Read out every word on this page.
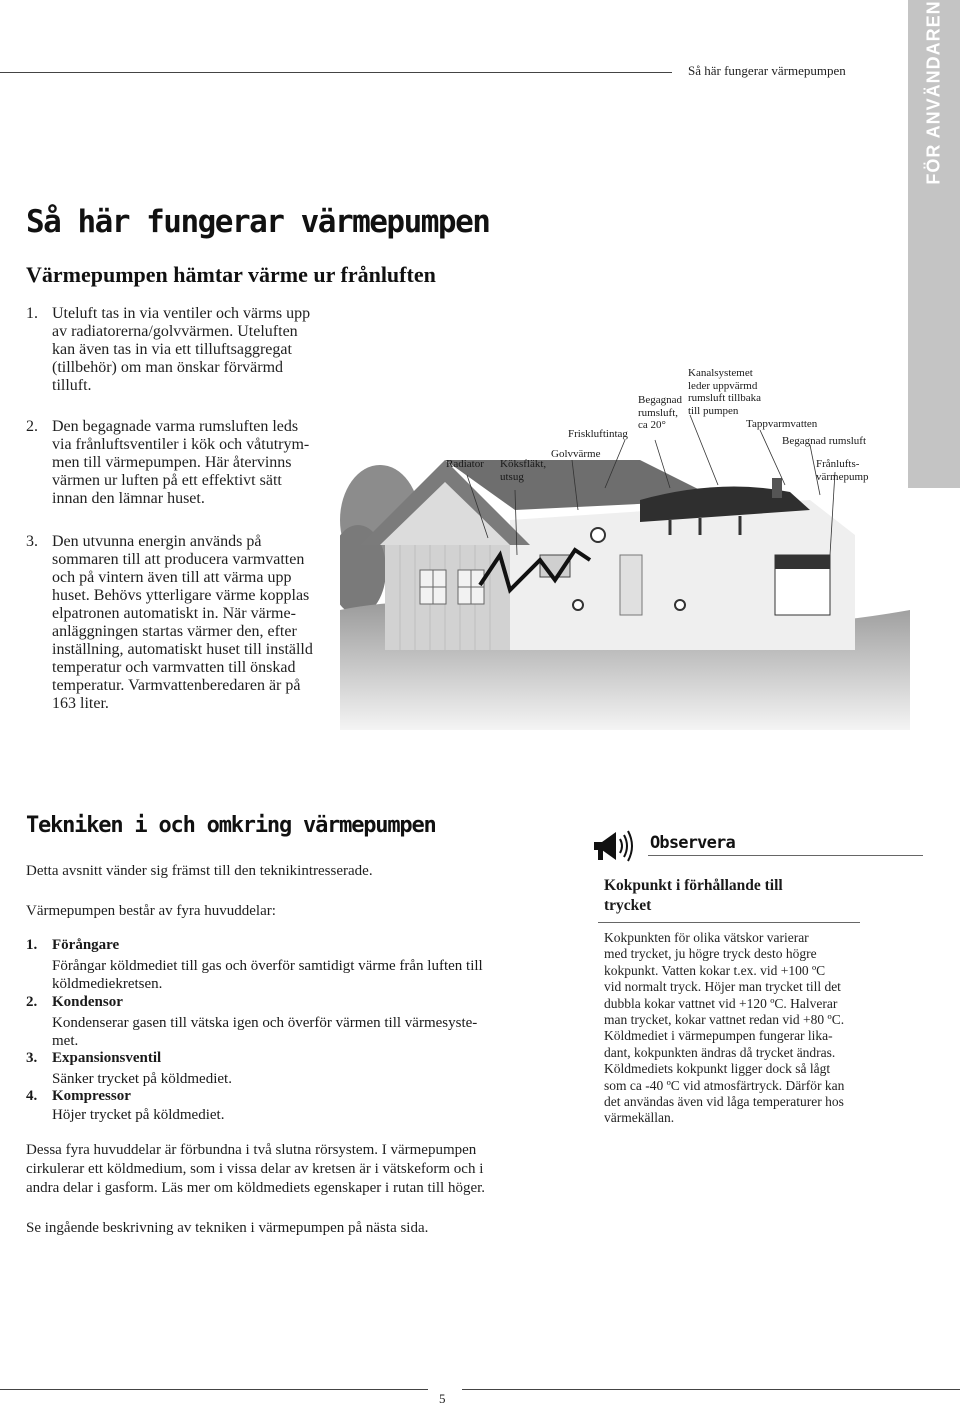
Så här fungerar värmepumpen	FÖR ANVÄNDAREN
Så här fungerar värmepumpen
Värmepumpen hämtar värme ur frånluften
1. Uteluft tas in via ventiler och värms upp
av radiatorerna/golvvärmen. Uteluften
kan även tas in via ett tilluftsaggregat
(tillbehör) om man önskar förvärmd
tilluft.
2. Den begagnade varma rumsluften leds
via frånluftsventiler i kök och våtutrym-
men till värmepumpen. Här återvinns
värmen ur luften på ett effektivt sätt
innan den lämnar huset.
3. Den utvunna energin används på
sommaren till att producera varmvatten
och på vintern även till att värma upp
huset. Behövs ytterligare värme kopplas
elpatronen automatiskt in. När värme-
anläggningen startas värmer den, efter
inställning, automatiskt huset till inställd
temperatur och varmvatten till önskad
temperatur. Varmvattenberedaren är på
163 liter.
Radiator Köksfläkt,
utsug
Golvvärme
Friskluftintag
Begagnad
rumsluft,
ca 20°
Kanalsystemet
leder uppvärmd
rumsluft tillbaka
till pumpen
Tappvarmvatten
Begagnad rumsluft
Frånlufts-
värmepump
Tekniken i och omkring värmepumpen
Detta avsnitt vänder sig främst till den teknikintresserade.
Värmepumpen består av fyra huvuddelar:
1. Förångare
Förångar köldmediet till gas och överför samtidigt värme från luften till
köldmediekretsen.
2. Kondensor
Kondenserar gasen till vätska igen och överför värmen till värmesyste-
met.
3. Expansionsventil
Sänker trycket på köldmediet.
4. Kompressor
Höjer trycket på köldmediet.
Dessa fyra huvuddelar är förbundna i två slutna rörsystem. I värmepumpen
cirkulerar ett köldmedium, som i vissa delar av kretsen är i vätskeform och i
andra delar i gasform. Läs mer om köldmediets egenskaper i rutan till höger.
Se ingående beskrivning av tekniken i värmepumpen på nästa sida.
Observera
Kokpunkt i förhållande till
trycket
Kokpunkten för olika vätskor varierar
med trycket, ju högre tryck desto högre
kokpunkt. Vatten kokar t.ex. vid +100 ºC
vid normalt tryck. Höjer man trycket till det
dubbla kokar vattnet vid +120 ºC. Halverar
man trycket, kokar vattnet redan vid +80 ºC.
Köldmediet i värmepumpen fungerar lika-
dant, kokpunkten ändras då trycket ändras.
Köldmediets kokpunkt ligger dock så lågt
som ca -40 ºC vid atmosfärtryck. Därför kan
det användas även vid låga temperaturer hos
värmekällan.
5
